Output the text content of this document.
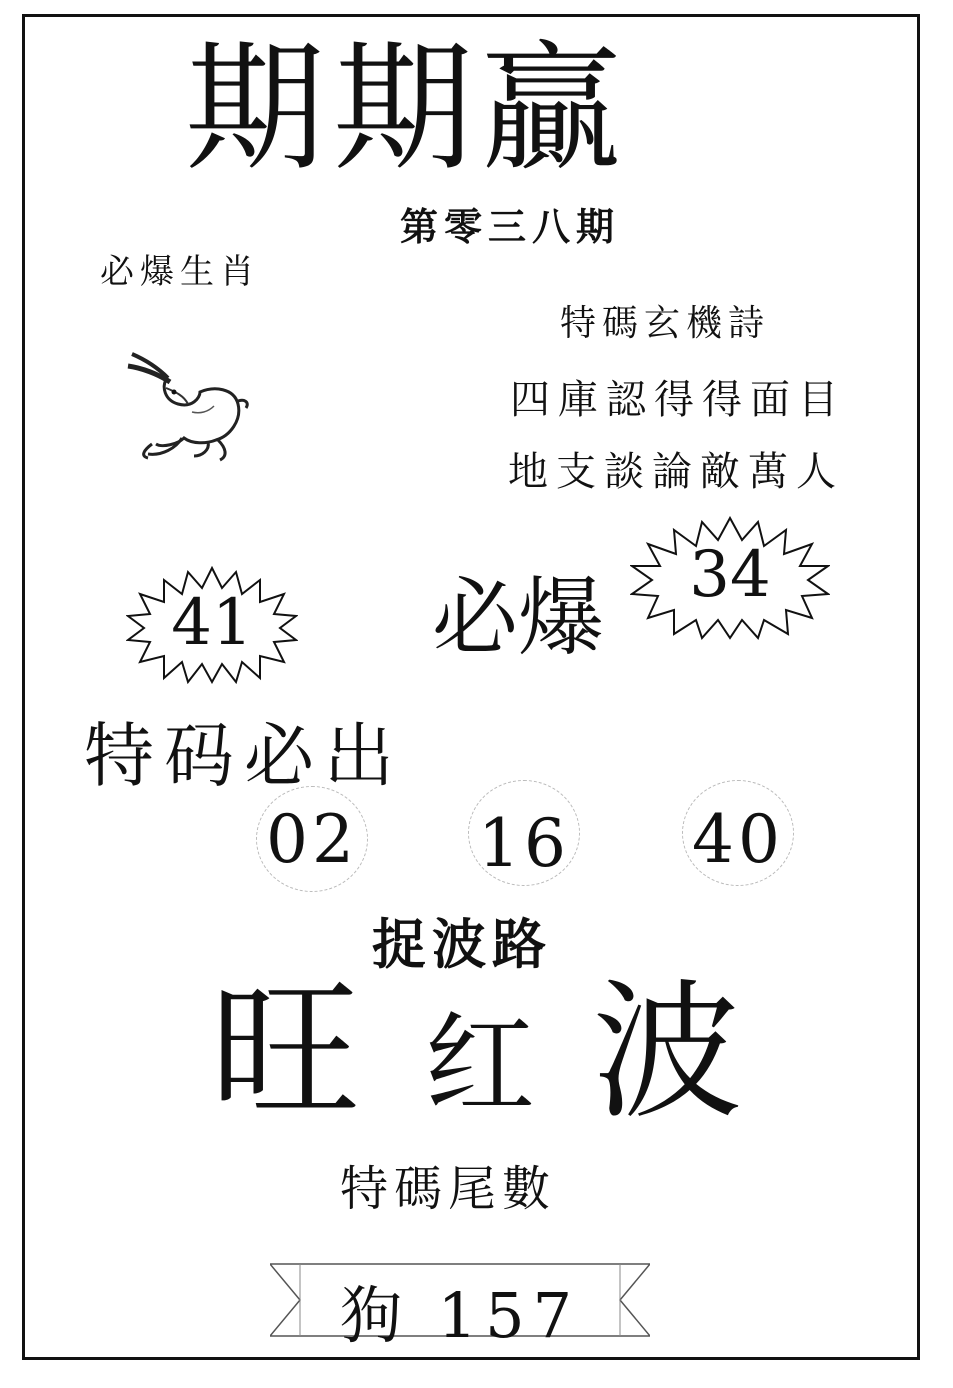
期期贏
第零三八期
必爆生肖
特碼玄機詩
四庫認得得面目
地支談論敵萬人
必爆	34
41
特码必出
02 16 40
捉波路
旺 红 波
特碼尾數
狗 157
